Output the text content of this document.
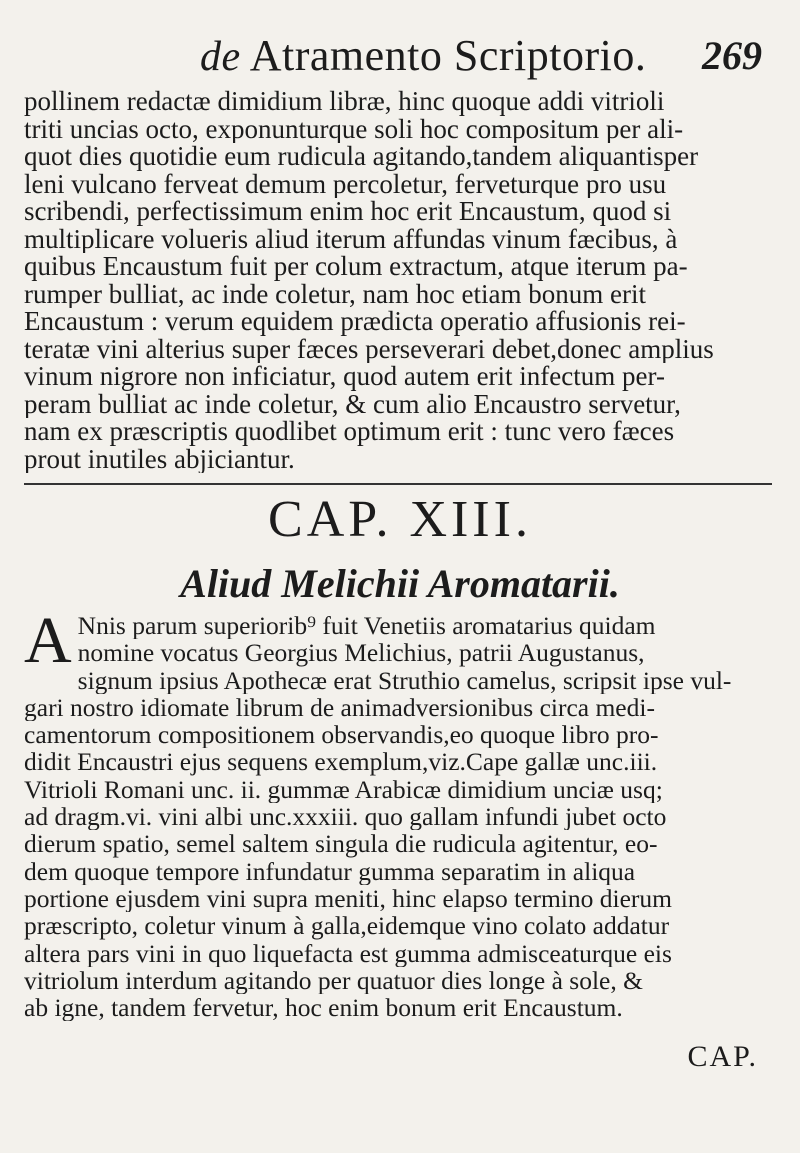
de Atramento Scriptorio. 269
pollinem redactæ dimidium libræ, hinc quoque addi vitrioli
triti uncias octo, exponunturque soli hoc compositum per ali-
quot dies quotidie eum rudicula agitando,tandem aliquantisper
leni vulcano ferveat demum percoletur, ferveturque pro usu
scribendi, perfectissimum enim hoc erit Encaustum, quod si
multiplicare volueris aliud iterum affundas vinum fæcibus, à
quibus Encaustum fuit per colum extractum, atque iterum pa-
rumper bulliat, ac inde coletur, nam hoc etiam bonum erit
Encaustum : verum equidem prædicta operatio affusionis rei-
teratæ vini alterius super fæces perseverari debet,donec amplius
vinum nigrore non inficiatur, quod autem erit infectum per-
peram bulliat ac inde coletur, & cum alio Encaustro servetur,
nam ex præscriptis quodlibet optimum erit : tunc vero fæces
prout inutiles abjiciantur.
CAP. XIII.
Aliud Melichii Aromatarii.
A Nnis parum superiorib⁹ fuit Venetiis aromatarius quidam
nomine vocatus Georgius Melichius, patrii Augustanus,
signum ipsius Apothecæ erat Struthio camelus, scripsit ipse vul-
gari nostro idiomate librum de animadversionibus circa medi-
camentorum compositionem observandis,eo quoque libro pro-
didit Encaustri ejus sequens exemplum,viz.Cape gallæ unc.iii.
Vitrioli Romani unc. ii. gummæ Arabicæ dimidium unciæ usq;
ad dragm.vi. vini albi unc.xxxiii. quo gallam infundi jubet octo
dierum spatio, semel saltem singula die rudicula agitentur, eo-
dem quoque tempore infundatur gumma separatim in aliqua
portione ejusdem vini supra meniti, hinc elapso termino dierum
præscripto, coletur vinum à galla,eidemque vino colato addatur
altera pars vini in quo liquefacta est gumma admisceaturque eis
vitriolum interdum agitando per quatuor dies longe à sole, &
ab igne, tandem fervetur, hoc enim bonum erit Encaustum.
CAP.
